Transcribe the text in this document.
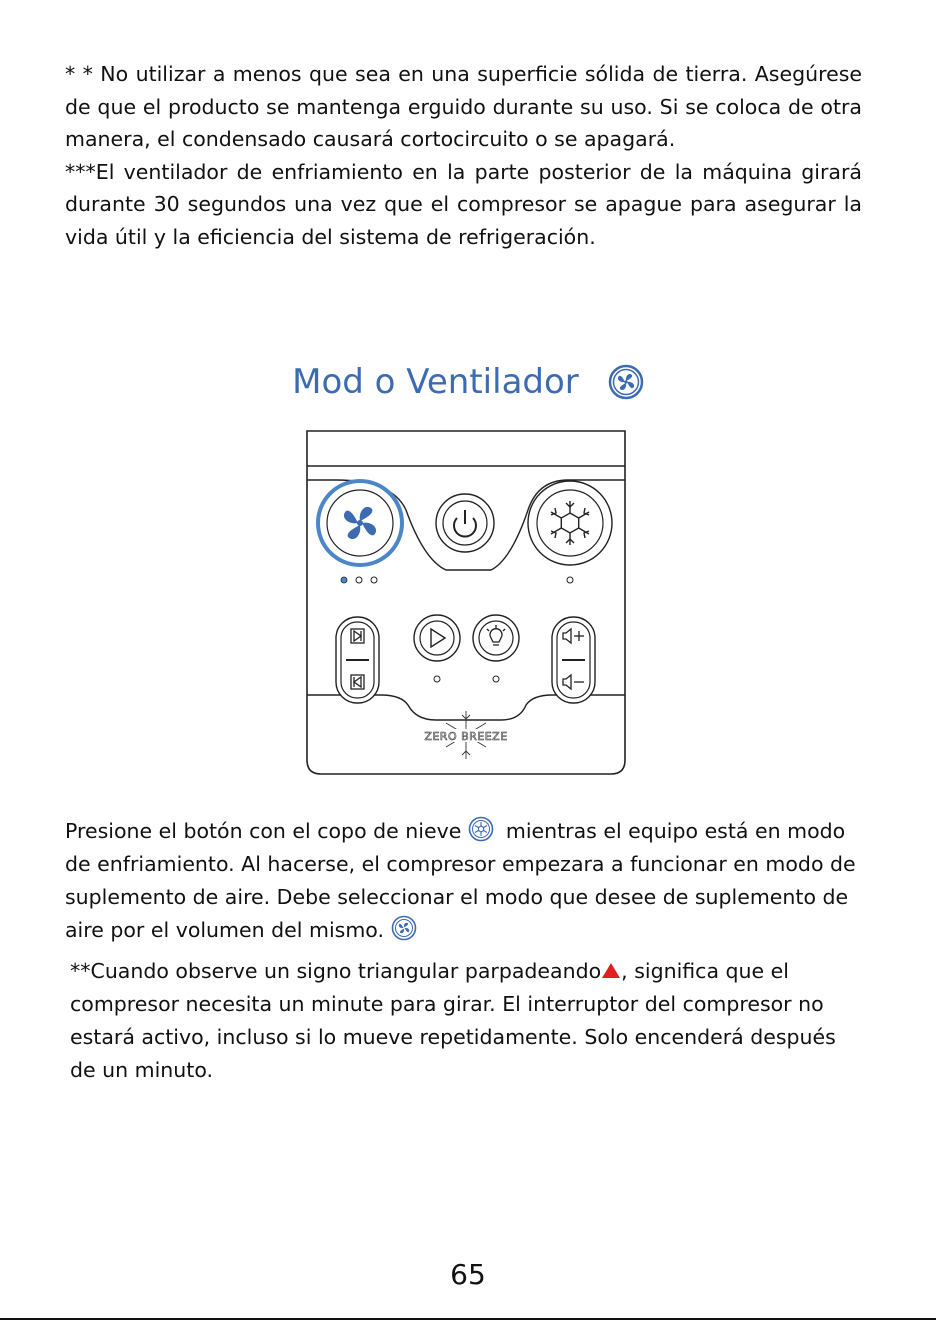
* * No utilizar a menos que sea en una superficie sólida de tierra. Asegúrese de que el producto se mantenga erguido durante su uso. Si se coloca de otra manera, el condensado causará cortocircuito o se apagará.
***El ventilador de enfriamiento en la parte posterior de la máquina girará durante 30 segundos una vez que el compresor se apague para asegurar la vida útil y la eficiencia del sistema de refrigeración.

Mod o Ventilador
ZERO BREEZE

Presione el botón con el copo de nieve mientras el equipo está en modo de enfriamiento. Al hacerse, el compresor empezara a funcionar en modo de suplemento de aire. Debe seleccionar el modo que desee de suplemento de aire por el volumen del mismo.

**Cuando observe un signo triangular parpadeando , significa que el compresor necesita un minute para girar. El interruptor del compresor no estará activo, incluso si lo mueve repetidamente. Solo encenderá después de un minuto.

65
